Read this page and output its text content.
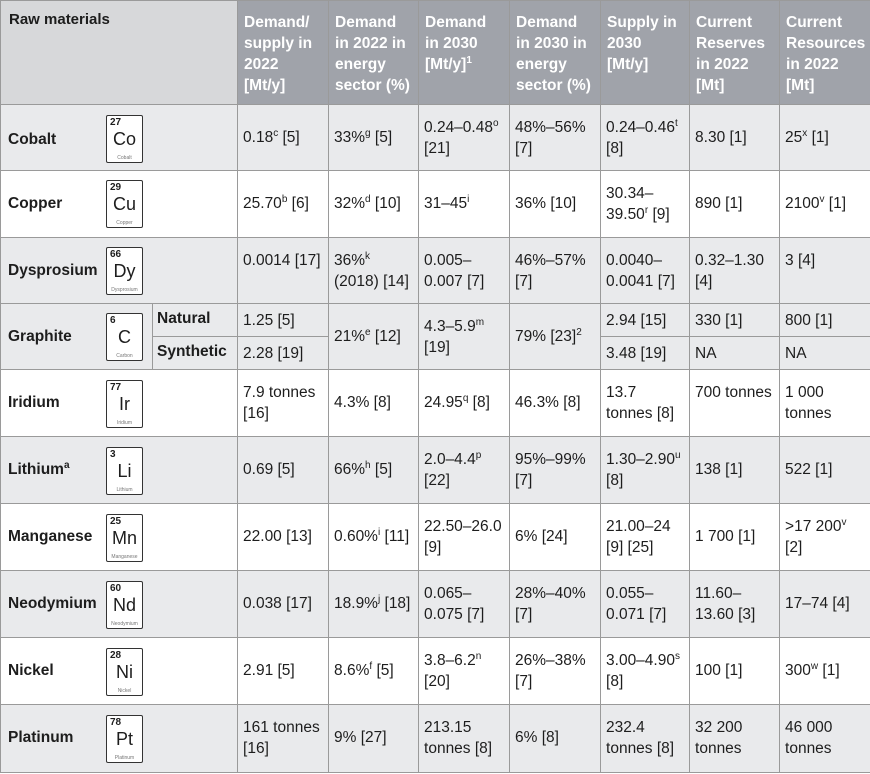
Raw materials		Demand/ supply in 2022 [Mt/y]	Demand in 2022 in energy sector (%)	Demand in 2030 $[Mt/y]^1$	Demand in 2030 in energy sector (%)	Supply in 2030 [Mt/y]	Current Reserves in 2022 [Mt]	Current Resources in 2022 [Mt]

Cobalt
27
Co
Cobalt		0.18$^c$ [5]	33%$^g$ [5]	0.24–0.48$^o$ [21]	48%–56% [7]	0.24–0.46$^t$ [8]	8.30 [1]	25$^x$ [1]

Copper
29
Cu
Copper		25.70$^b$ [6]	32%$^d$ [10]	31–45$^i$	36% [10]	30.34–39.50$^r$ [9]	890 [1]	2100$^v$ [1]

Dysprosium
66
Dy
Dysprosium		0.0014 [17]	36%$^k$ (2018) [14]	0.005–0.007 [7]	46%–57% [7]	0.0040–0.0041 [7]	0.32–1.30 [4]	3 [4]

Graphite
6
C
Carbon	Natural	1.25 [5]	21%$^e$ [12]	4.3–5.9$^m$ [19]	79% $[23]^2$	2.94 [15]	330 [1]	800 [1]
	Synthetic	2.28 [19]				3.48 [19]	NA	NA

Iridium
77
Ir
Iridium		7.9 tonnes [16]	4.3% [8]	24.95$^q$ [8]	46.3% [8]	13.7 tonnes [8]	700 tonnes	1 000 tonnes

Lithium$^a$
3
Li
Lithium		0.69 [5]	66%$^h$ [5]	2.0–4.4$^p$ [22]	95%–99% [7]	1.30–2.90$^u$ [8]	138 [1]	522 [1]

Manganese
25
Mn
Manganese		22.00 [13]	0.60%$^i$ [11]	22.50–26.0 [9]	6% [24]	21.00–24 [9] [25]	1 700 [1]	>17 200$^v$ [2]

Neodymium
60
Nd
Neodymium		0.038 [17]	18.9%$^j$ [18]	0.065–0.075 [7]	28%–40% [7]	0.055–0.071 [7]	11.60–13.60 [3]	17–74 [4]

Nickel
28
Ni
Nickel		2.91 [5]	8.6%$^f$ [5]	3.8–6.2$^n$ [20]	26%–38% [7]	3.00–4.90$^s$ [8]	100 [1]	300$^w$ [1]

Platinum
78
Pt
Platinum		161 tonnes [16]	9% [27]	213.15 tonnes [8]	6% [8]	232.4 tonnes [8]	32 200 tonnes	46 000 tonnes
